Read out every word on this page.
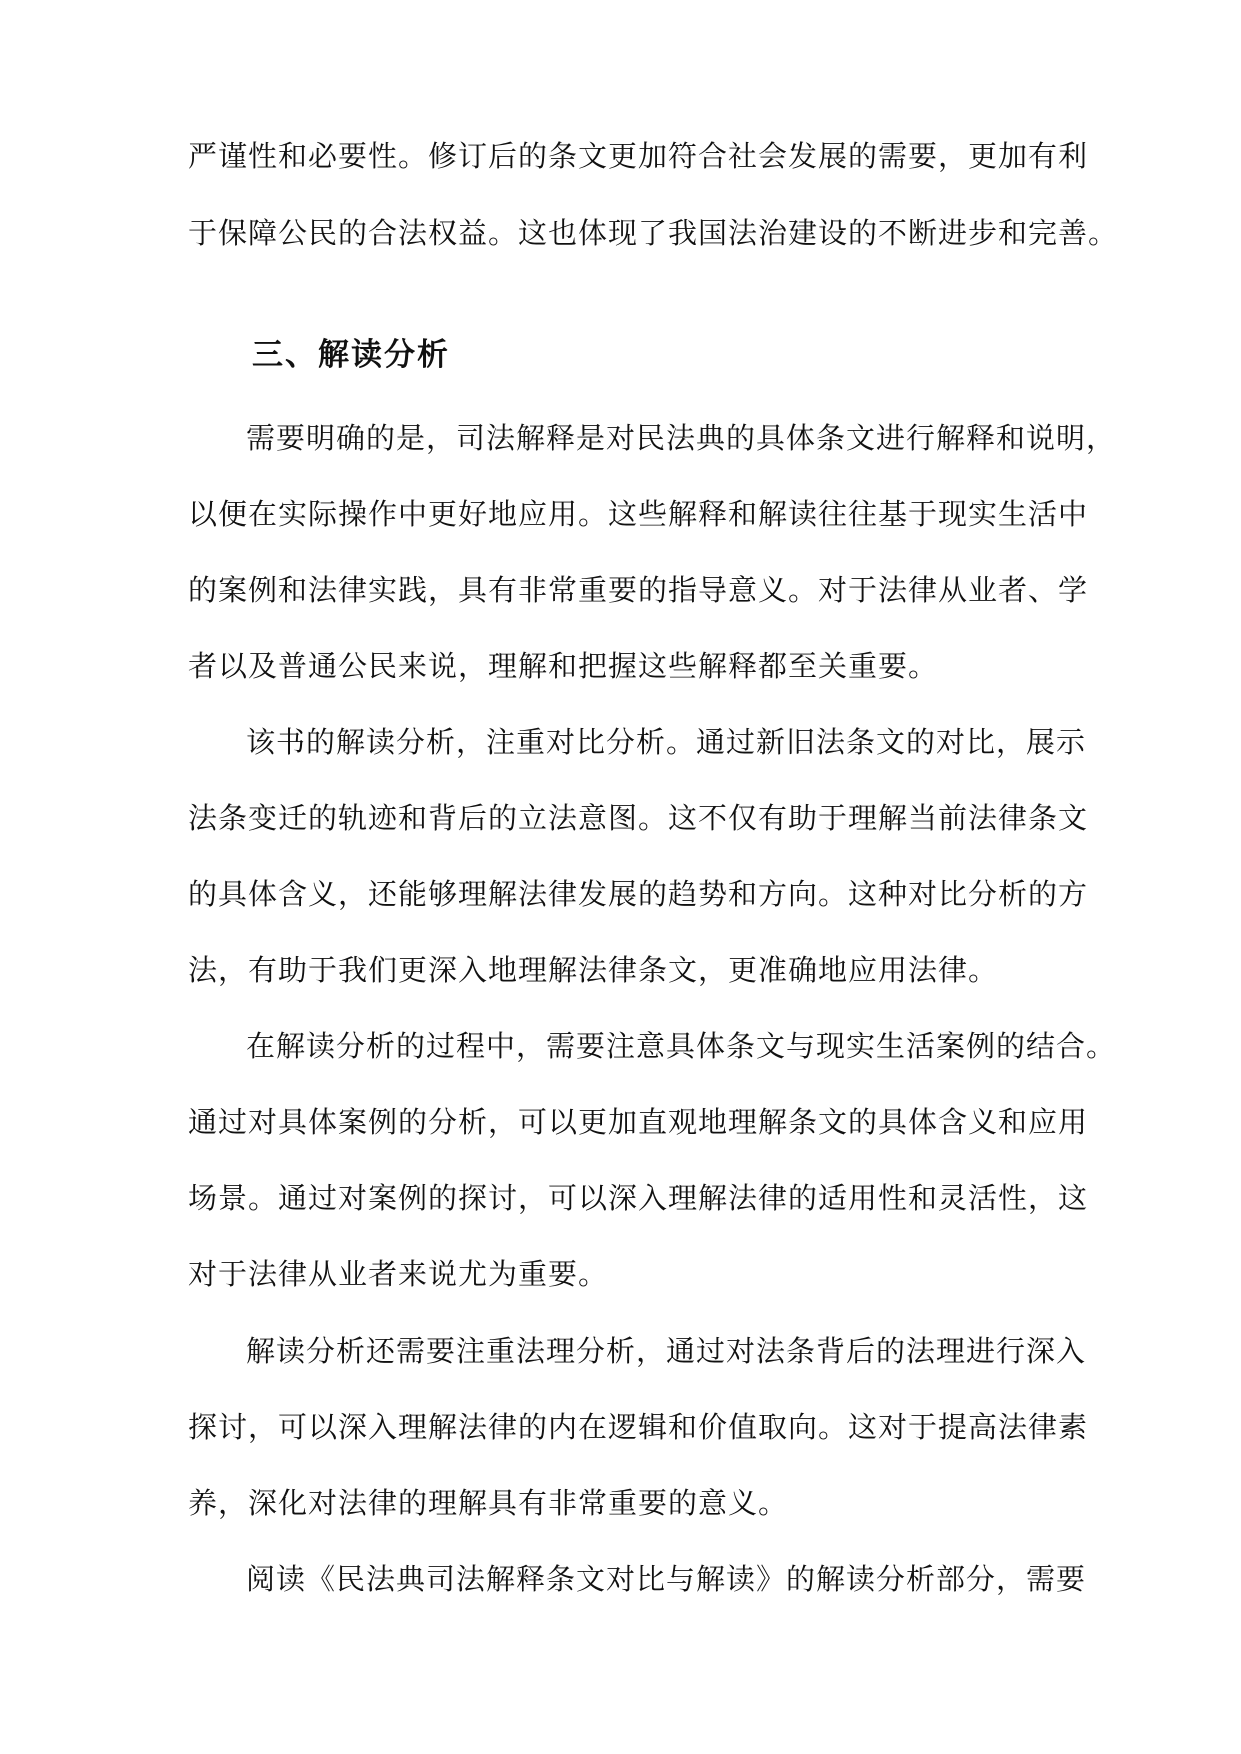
严谨性和必要性。修订后的条文更加符合社会发展的需要，更加有利
于保障公民的合法权益。这也体现了我国法治建设的不断进步和完善。
三、解读分析
需要明确的是，司法解释是对民法典的具体条文进行解释和说明，
以便在实际操作中更好地应用。这些解释和解读往往基于现实生活中
的案例和法律实践，具有非常重要的指导意义。对于法律从业者、学
者以及普通公民来说，理解和把握这些解释都至关重要。
该书的解读分析，注重对比分析。通过新旧法条文的对比，展示
法条变迁的轨迹和背后的立法意图。这不仅有助于理解当前法律条文
的具体含义，还能够理解法律发展的趋势和方向。这种对比分析的方
法，有助于我们更深入地理解法律条文，更准确地应用法律。
在解读分析的过程中，需要注意具体条文与现实生活案例的结合。
通过对具体案例的分析，可以更加直观地理解条文的具体含义和应用
场景。通过对案例的探讨，可以深入理解法律的适用性和灵活性，这
对于法律从业者来说尤为重要。
解读分析还需要注重法理分析，通过对法条背后的法理进行深入
探讨，可以深入理解法律的内在逻辑和价值取向。这对于提高法律素
养，深化对法律的理解具有非常重要的意义。
阅读《民法典司法解释条文对比与解读》的解读分析部分，需要
